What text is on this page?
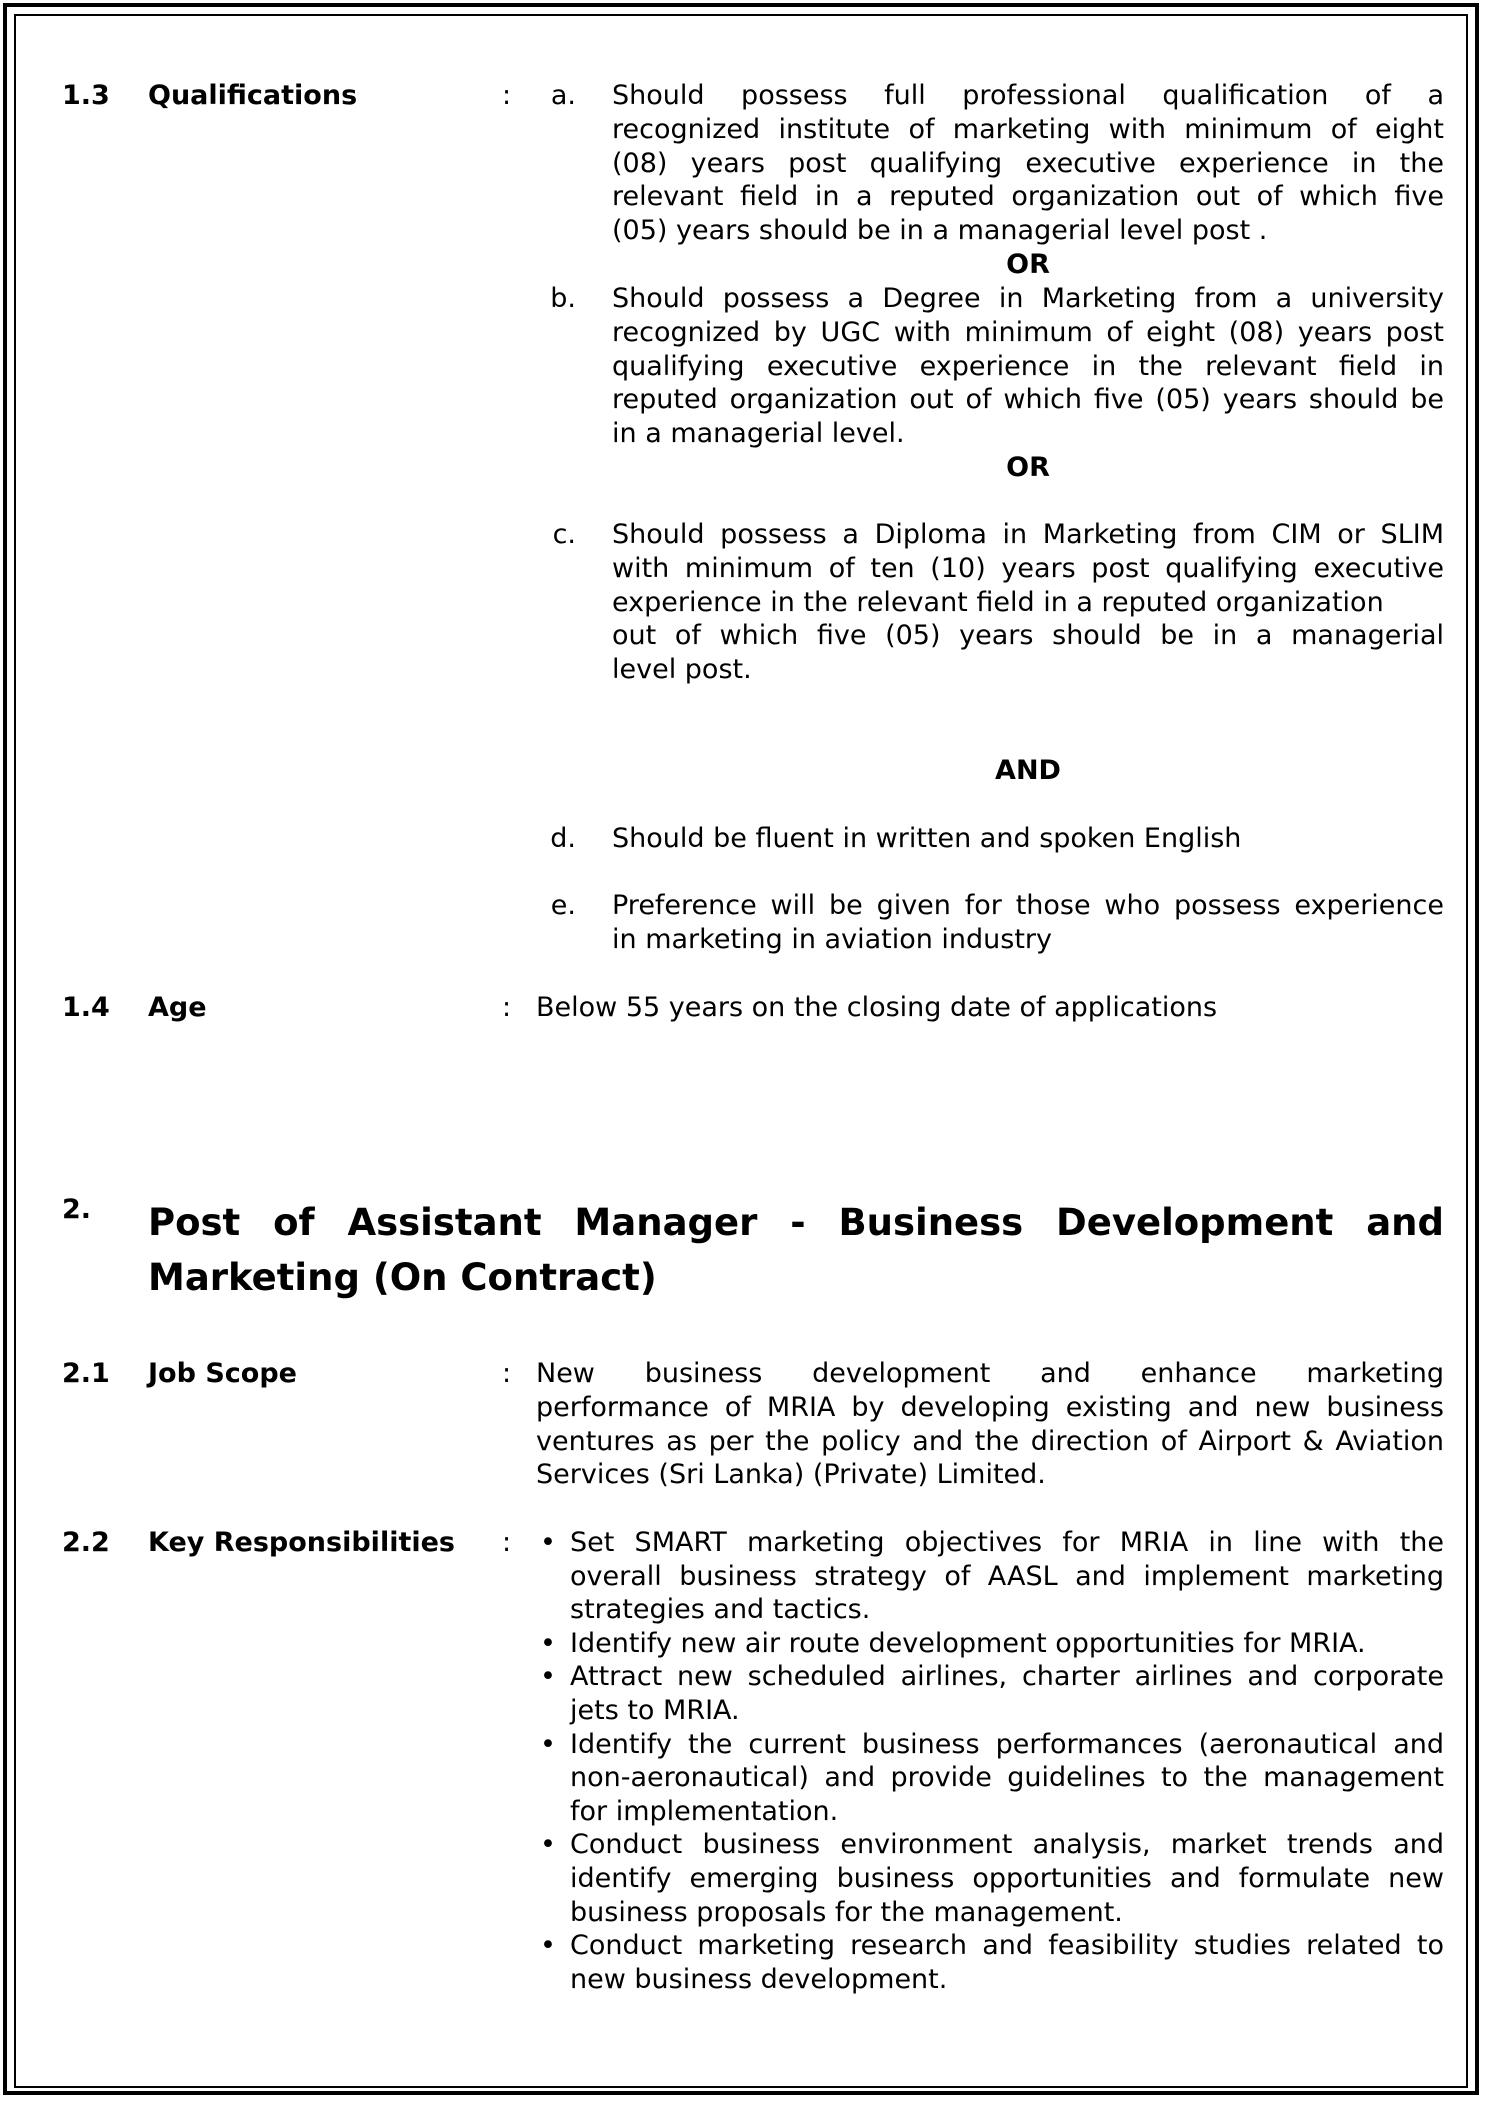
1.3 Qualifications	:	a. Should possess full professional qualification of a
recognized institute of marketing with minimum of eight
(08) years post qualifying executive experience in the
relevant field in a reputed organization out of which five
(05) years should be in a managerial level post .
OR
b. Should possess a Degree in Marketing from a university
recognized by UGC with minimum of eight (08) years post
qualifying executive experience in the relevant field in
reputed organization out of which five (05) years should be
in a managerial level.
OR
c. Should possess a Diploma in Marketing from CIM or SLIM
with minimum of ten (10) years post qualifying executive
experience in the relevant field in a reputed organization
out of which five (05) years should be in a managerial
level post.
AND
d. Should be fluent in written and spoken English
e. Preference will be given for those who possess experience
in marketing in aviation industry
1.4 Age	: Below 55 years on the closing date of applications
2. Post of Assistant Manager - Business Development and
Marketing (On Contract)
2.1 Job Scope	: New business development and enhance marketing
performance of MRIA by developing existing and new business
ventures as per the policy and the direction of Airport & Aviation
Services (Sri Lanka) (Private) Limited.
2.2 Key Responsibilities : • Set SMART marketing objectives for MRIA in line with the
overall business strategy of AASL and implement marketing
strategies and tactics.
• Identify new air route development opportunities for MRIA.
• Attract new scheduled airlines, charter airlines and corporate
jets to MRIA.
• Identify the current business performances (aeronautical and
non-aeronautical) and provide guidelines to the management
for implementation.
• Conduct business environment analysis, market trends and
identify emerging business opportunities and formulate new
business proposals for the management.
• Conduct marketing research and feasibility studies related to
new business development.
